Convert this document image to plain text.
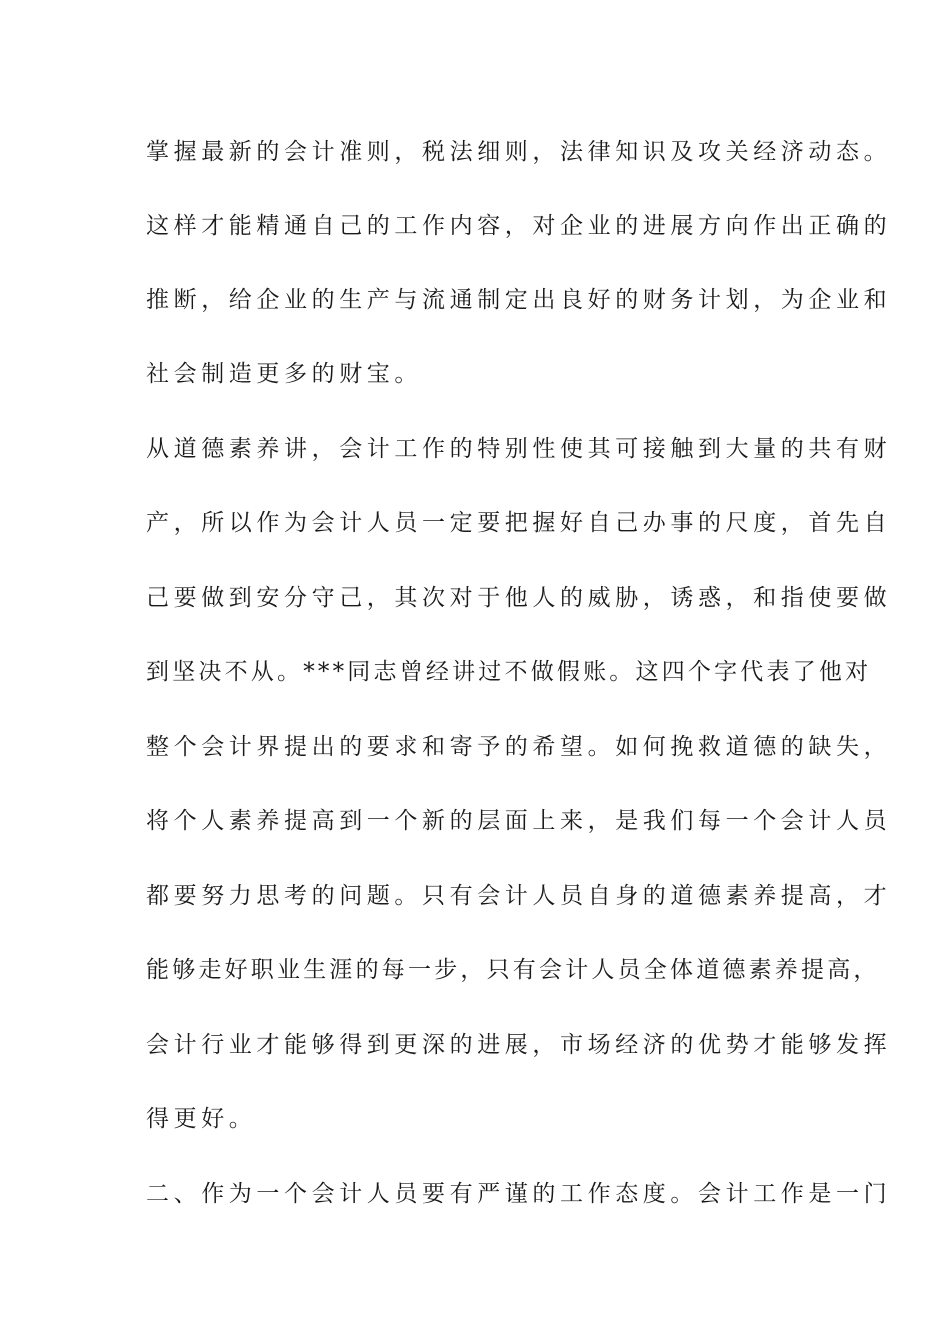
掌握最新的会计准则，税法细则，法律知识及攻关经济动态。
这样才能精通自己的工作内容，对企业的进展方向作出正确的
推断，给企业的生产与流通制定出良好的财务计划，为企业和
社会制造更多的财宝。
从道德素养讲，会计工作的特别性使其可接触到大量的共有财
产，所以作为会计人员一定要把握好自己办事的尺度，首先自
己要做到安分守己，其次对于他人的威胁，诱惑，和指使要做
到坚决不从。***同志曾经讲过不做假账。这四个字代表了他对
整个会计界提出的要求和寄予的希望。如何挽救道德的缺失，
将个人素养提高到一个新的层面上来，是我们每一个会计人员
都要努力思考的问题。只有会计人员自身的道德素养提高，才
能够走好职业生涯的每一步，只有会计人员全体道德素养提高，
会计行业才能够得到更深的进展，市场经济的优势才能够发挥
得更好。
二、作为一个会计人员要有严谨的工作态度。会计工作是一门
